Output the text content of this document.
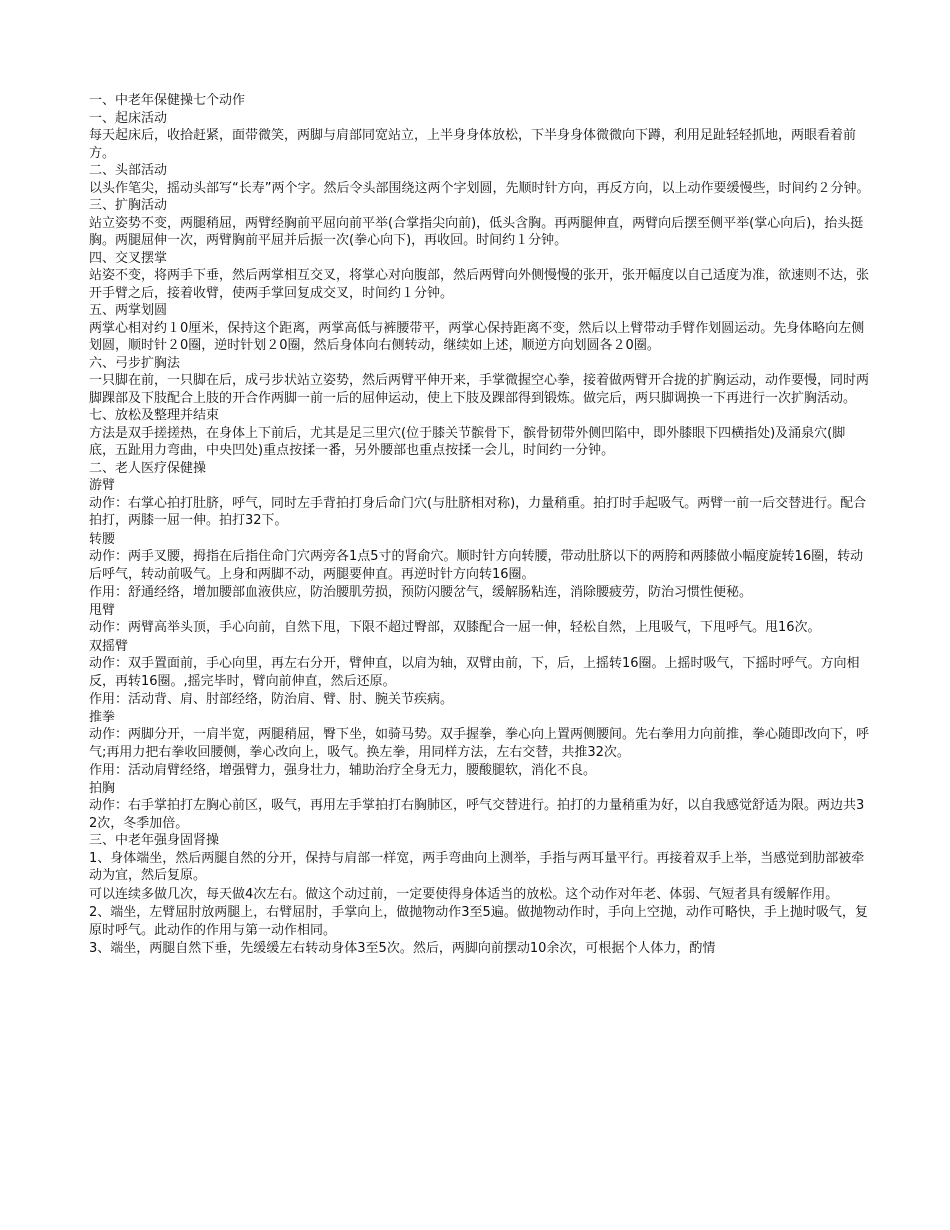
一、中老年保健操七个动作

一、起床活动

每天起床后，收拾赶紧，面带微笑，两脚与肩部同宽站立，上半身身体放松，下半身身体微微向下蹲，利用足趾轻轻抓地，两眼看着前方。

二、头部活动

以头作笔尖，摇动头部写“长寿”两个字。然后令头部围绕这两个字划圆，先顺时针方向，再反方向，以上动作要缓慢些，时间约２分钟。

三、扩胸活动

站立姿势不变，两腿稍屈，两臂经胸前平屈向前平举(合掌指尖向前)，低头含胸。再两腿伸直，两臂向后摆至侧平举(掌心向后)，抬头挺胸。两腿屈伸一次，两臂胸前平屈并后振一次(拳心向下)，再收回。时间约１分钟。

四、交叉摆掌

站姿不变，将两手下垂，然后两掌相互交叉，将掌心对向腹部，然后两臂向外侧慢慢的张开，张开幅度以自己适度为准，欲速则不达，张开手臂之后，接着收臂，使两手掌回复成交叉，时间约１分钟。

五、两掌划圆

两掌心相对约１0厘米，保持这个距离，两掌高低与裤腰带平，两掌心保持距离不变，然后以上臂带动手臂作划圆运动。先身体略向左侧划圆，顺时针２0圈，逆时针划２0圈，然后身体向右侧转动，继续如上述，顺逆方向划圆各２0圈。

六、弓步扩胸法

一只脚在前，一只脚在后，成弓步状站立姿势，然后两臂平伸开来，手掌微握空心拳，接着做两臂开合拢的扩胸运动，动作要慢，同时两脚踝部及下肢配合上肢的开合作两脚一前一后的屈伸运动，使上下肢及踝部得到锻炼。做完后，两只脚调换一下再进行一次扩胸活动。

七、放松及整理并结束

方法是双手搓搓热，在身体上下前后，尤其是足三里穴(位于膝关节髌骨下，髌骨韧带外侧凹陷中，即外膝眼下四横指处)及涌泉穴(脚底，五趾用力弯曲，中央凹处)重点按揉一番，另外腰部也重点按揉一会儿，时间约一分钟。

二、老人医疗保健操

游臂

动作：右掌心拍打肚脐，呼气，同时左手背拍打身后命门穴(与肚脐相对称)，力量稍重。拍打时手起吸气。两臂一前一后交替进行。配合拍打，两膝一屈一伸。拍打32下。

转腰

动作：两手叉腰，拇指在后指住命门穴两旁各1点5寸的肾俞穴。顺时针方向转腰，带动肚脐以下的两胯和两膝做小幅度旋转16圈，转动后呼气，转动前吸气。上身和两脚不动，两腿要伸直。再逆时针方向转16圈。

作用：舒通经络，增加腰部血液供应，防治腰肌劳损，预防闪腰岔气，缓解肠粘连，消除腰疲劳，防治习惯性便秘。

甩臂

动作：两臂高举头顶，手心向前，自然下甩，下限不超过臀部，双膝配合一屈一伸，轻松自然，上甩吸气，下甩呼气。甩16次。

双摇臂

动作：双手置面前，手心向里，再左右分开，臂伸直，以肩为轴，双臂由前，下，后，上摇转16圈。上摇时吸气，下摇时呼气。方向相反，再转16圈。,摇完毕时，臂向前伸直，然后还原。

作用：活动背、肩、肘部经络，防治肩、臂、肘、腕关节疾病。

推拳

动作：两脚分开，一肩半宽，两腿稍屈，臀下坐，如骑马势。双手握拳，拳心向上置两侧腰间。先右拳用力向前推，拳心随即改向下，呼气;再用力把右拳收回腰侧，拳心改向上，吸气。换左拳，用同样方法，左右交替，共推32次。

作用：活动肩臂经络，增强臂力，强身壮力，辅助治疗全身无力，腰酸腿软，消化不良。

拍胸

动作：右手掌拍打左胸心前区，吸气，再用左手掌拍打右胸肺区，呼气交替进行。拍打的力量稍重为好，以自我感觉舒适为限。两边共32次，冬季加倍。

三、中老年强身固肾操

1、身体端坐，然后两腿自然的分开，保持与肩部一样宽，两手弯曲向上测举，手指与两耳量平行。再接着双手上举，当感觉到肋部被牵动为宜，然后复原。

可以连续多做几次，每天做4次左右。做这个动过前，一定要使得身体适当的放松。这个动作对年老、体弱、气短者具有缓解作用。

2、端坐，左臂屈肘放两腿上，右臂屈肘，手掌向上，做抛物动作3至5遍。做抛物动作时，手向上空抛，动作可略快，手上抛时吸气，复原时呼气。此动作的作用与第一动作相同。

3、端坐，两腿自然下垂，先缓缓左右转动身体3至5次。然后，两脚向前摆动10余次，可根据个人体力，酌情
